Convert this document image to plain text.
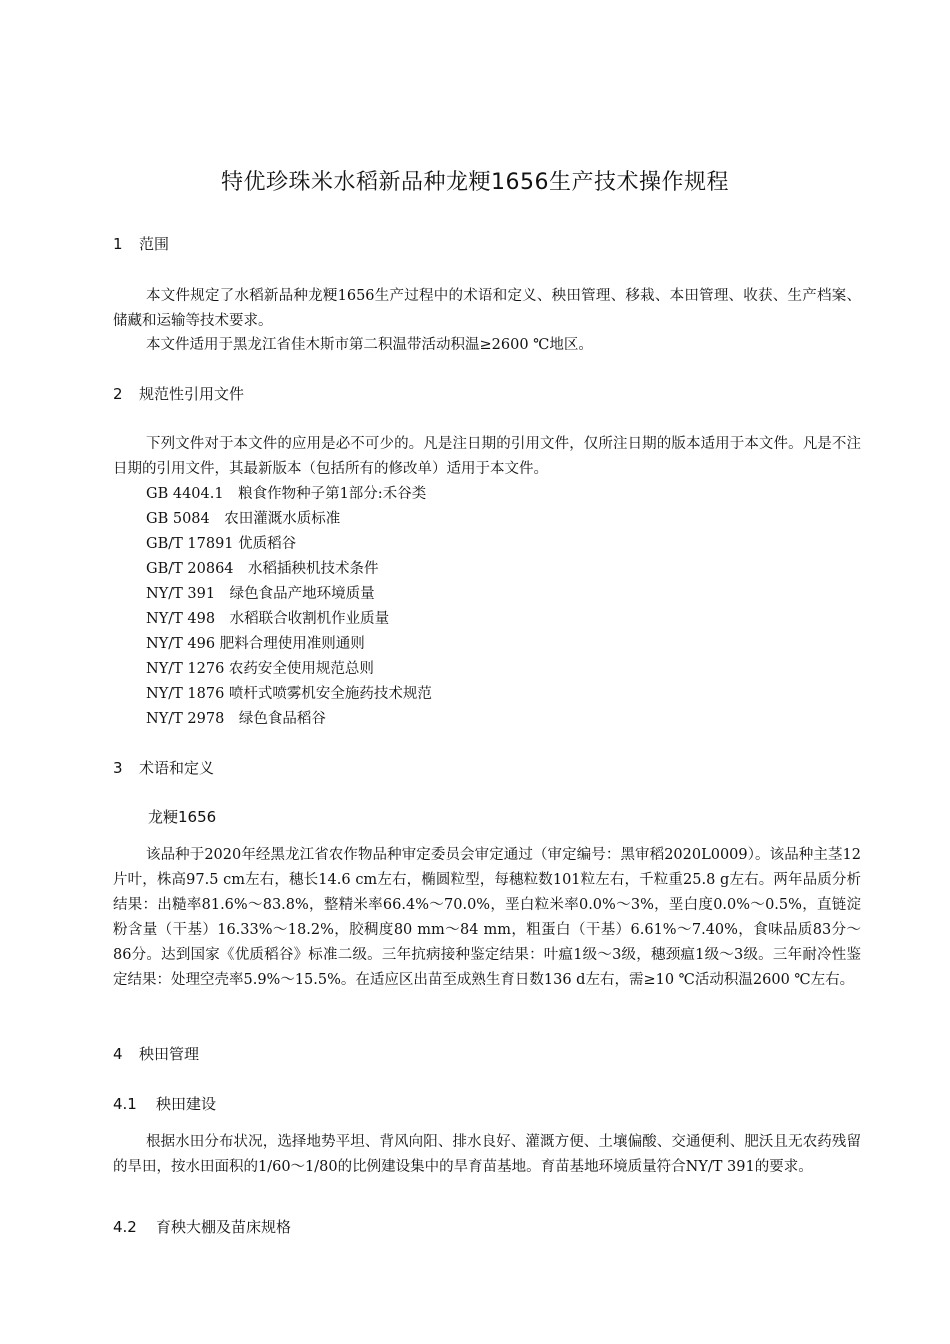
特优珍珠米水稻新品种龙粳1656生产技术操作规程
1 范围
本文件规定了水稻新品种龙粳1656生产过程中的术语和定义、秧田管理、移栽、本田管理、收获、生产档案、储藏和运输等技术要求。
本文件适用于黑龙江省佳木斯市第二积温带活动积温≥2600 ℃地区。
2 规范性引用文件
下列文件对于本文件的应用是必不可少的。凡是注日期的引用文件，仅所注日期的版本适用于本文件。凡是不注日期的引用文件，其最新版本（包括所有的修改单）适用于本文件。
GB 4404.1　粮食作物种子第1部分:禾谷类
GB 5084　农田灌溉水质标准
GB/T 17891 优质稻谷
GB/T 20864　水稻插秧机技术条件
NY/T 391　绿色食品产地环境质量
NY/T 498　水稻联合收割机作业质量
NY/T 496 肥料合理使用准则通则
NY/T 1276 农药安全使用规范总则
NY/T 1876 喷杆式喷雾机安全施药技术规范
NY/T 2978　绿色食品稻谷
3 术语和定义
龙粳1656
该品种于2020年经黑龙江省农作物品种审定委员会审定通过（审定编号：黑审稻2020L0009）。该品种主茎12片叶，株高97.5 cm左右，穗长14.6 cm左右，椭圆粒型，每穗粒数101粒左右，千粒重25.8 g左右。两年品质分析结果：出糙率81.6%～83.8%，整精米率66.4%～70.0%，垩白粒米率0.0%～3%，垩白度0.0%～0.5%，直链淀粉含量（干基）16.33%～18.2%，胶稠度80 mm～84 mm，粗蛋白（干基）6.61%～7.40%，食味品质83分～86分。达到国家《优质稻谷》标准二级。三年抗病接种鉴定结果：叶瘟1级～3级，穗颈瘟1级～3级。三年耐冷性鉴定结果：处理空壳率5.9%～15.5%。在适应区出苗至成熟生育日数136 d左右，需≥10 ℃活动积温2600 ℃左右。
4 秧田管理
4.1 秧田建设
根据水田分布状况，选择地势平坦、背风向阳、排水良好、灌溉方便、土壤偏酸、交通便利、肥沃且无农药残留的旱田，按水田面积的1/60～1/80的比例建设集中的旱育苗基地。育苗基地环境质量符合NY/T 391的要求。
4.2 育秧大棚及苗床规格
